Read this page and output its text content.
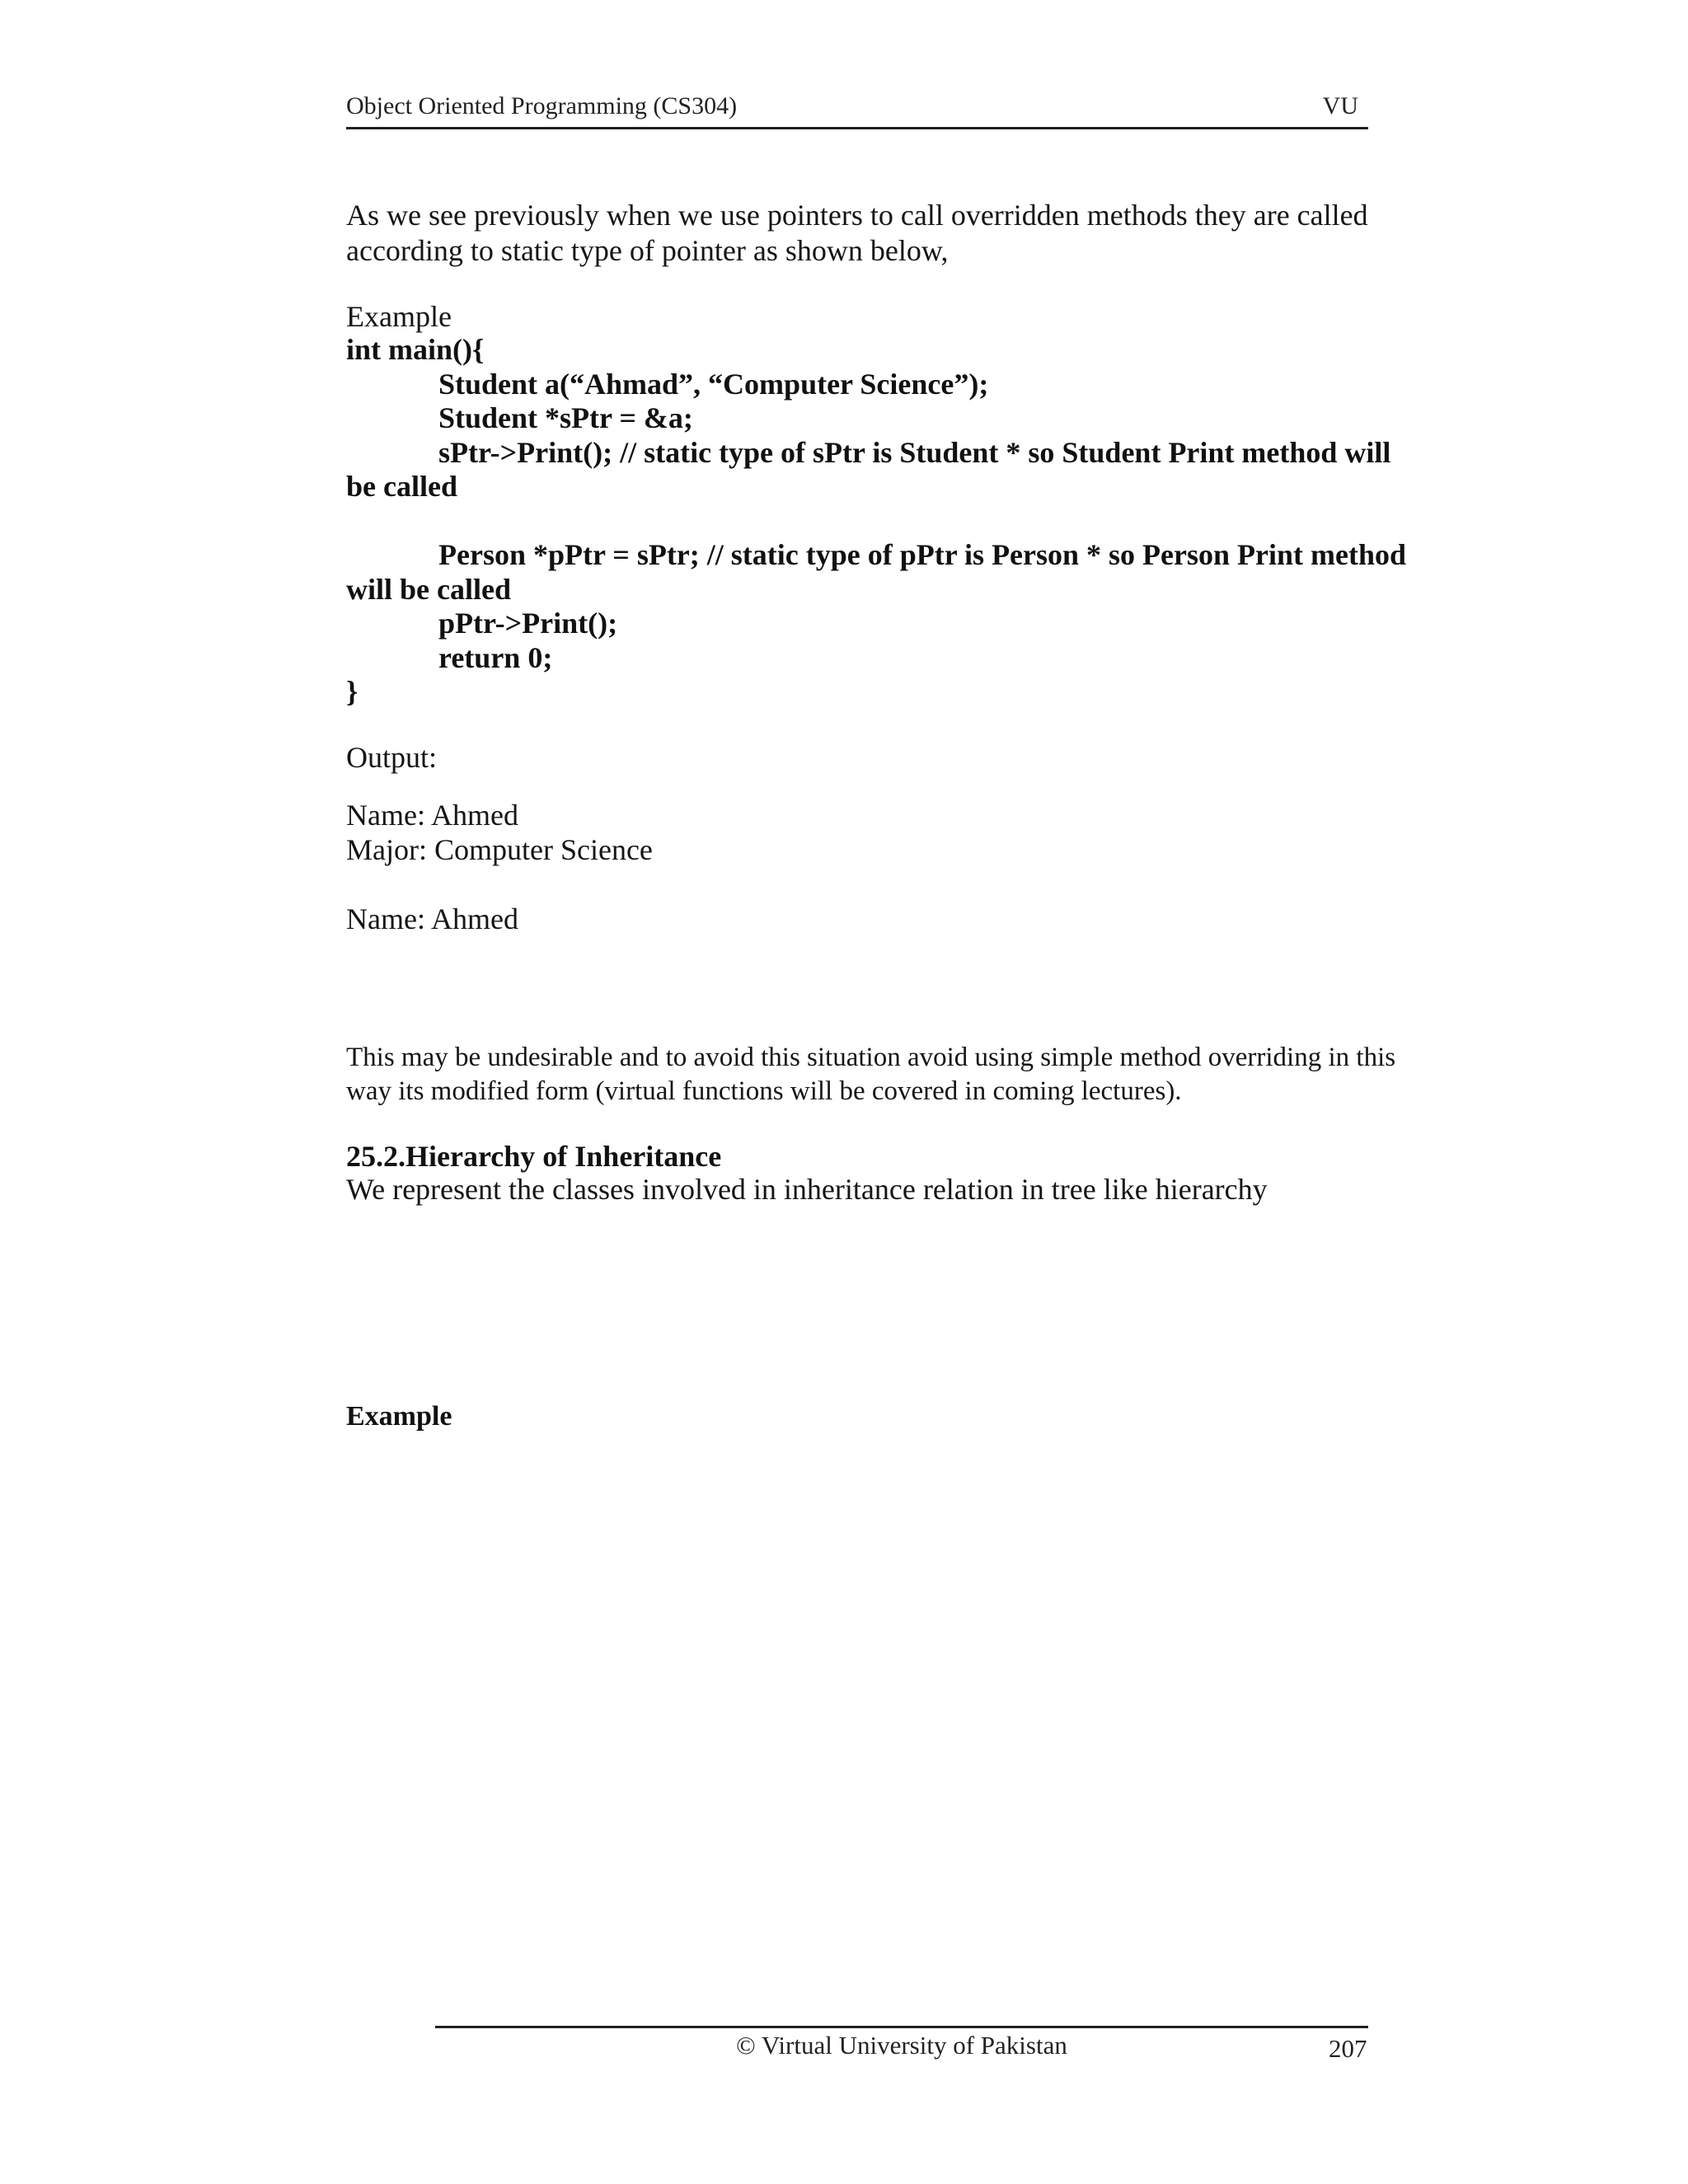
Object Oriented Programming (CS304)	VU
As we see previously when we use pointers to call overridden methods they are called according to static type of pointer as shown below,
Example
int main(){
Student a(“Ahmad”, “Computer Science”);
Student *sPtr = &a;
sPtr->Print(); // static type of sPtr is Student * so Student Print method will
be called
Person *pPtr = sPtr; // static type of pPtr is Person * so Person Print method
will be called
pPtr->Print();
return 0;
}
Output:
Name: Ahmed
Major: Computer Science
Name: Ahmed
This may be undesirable and to avoid this situation avoid using simple method overriding in this way its modified form (virtual functions will be covered in coming lectures).
25.2.Hierarchy of Inheritance
We represent the classes involved in inheritance relation in tree like hierarchy
Example
© Virtual University of Pakistan	207
